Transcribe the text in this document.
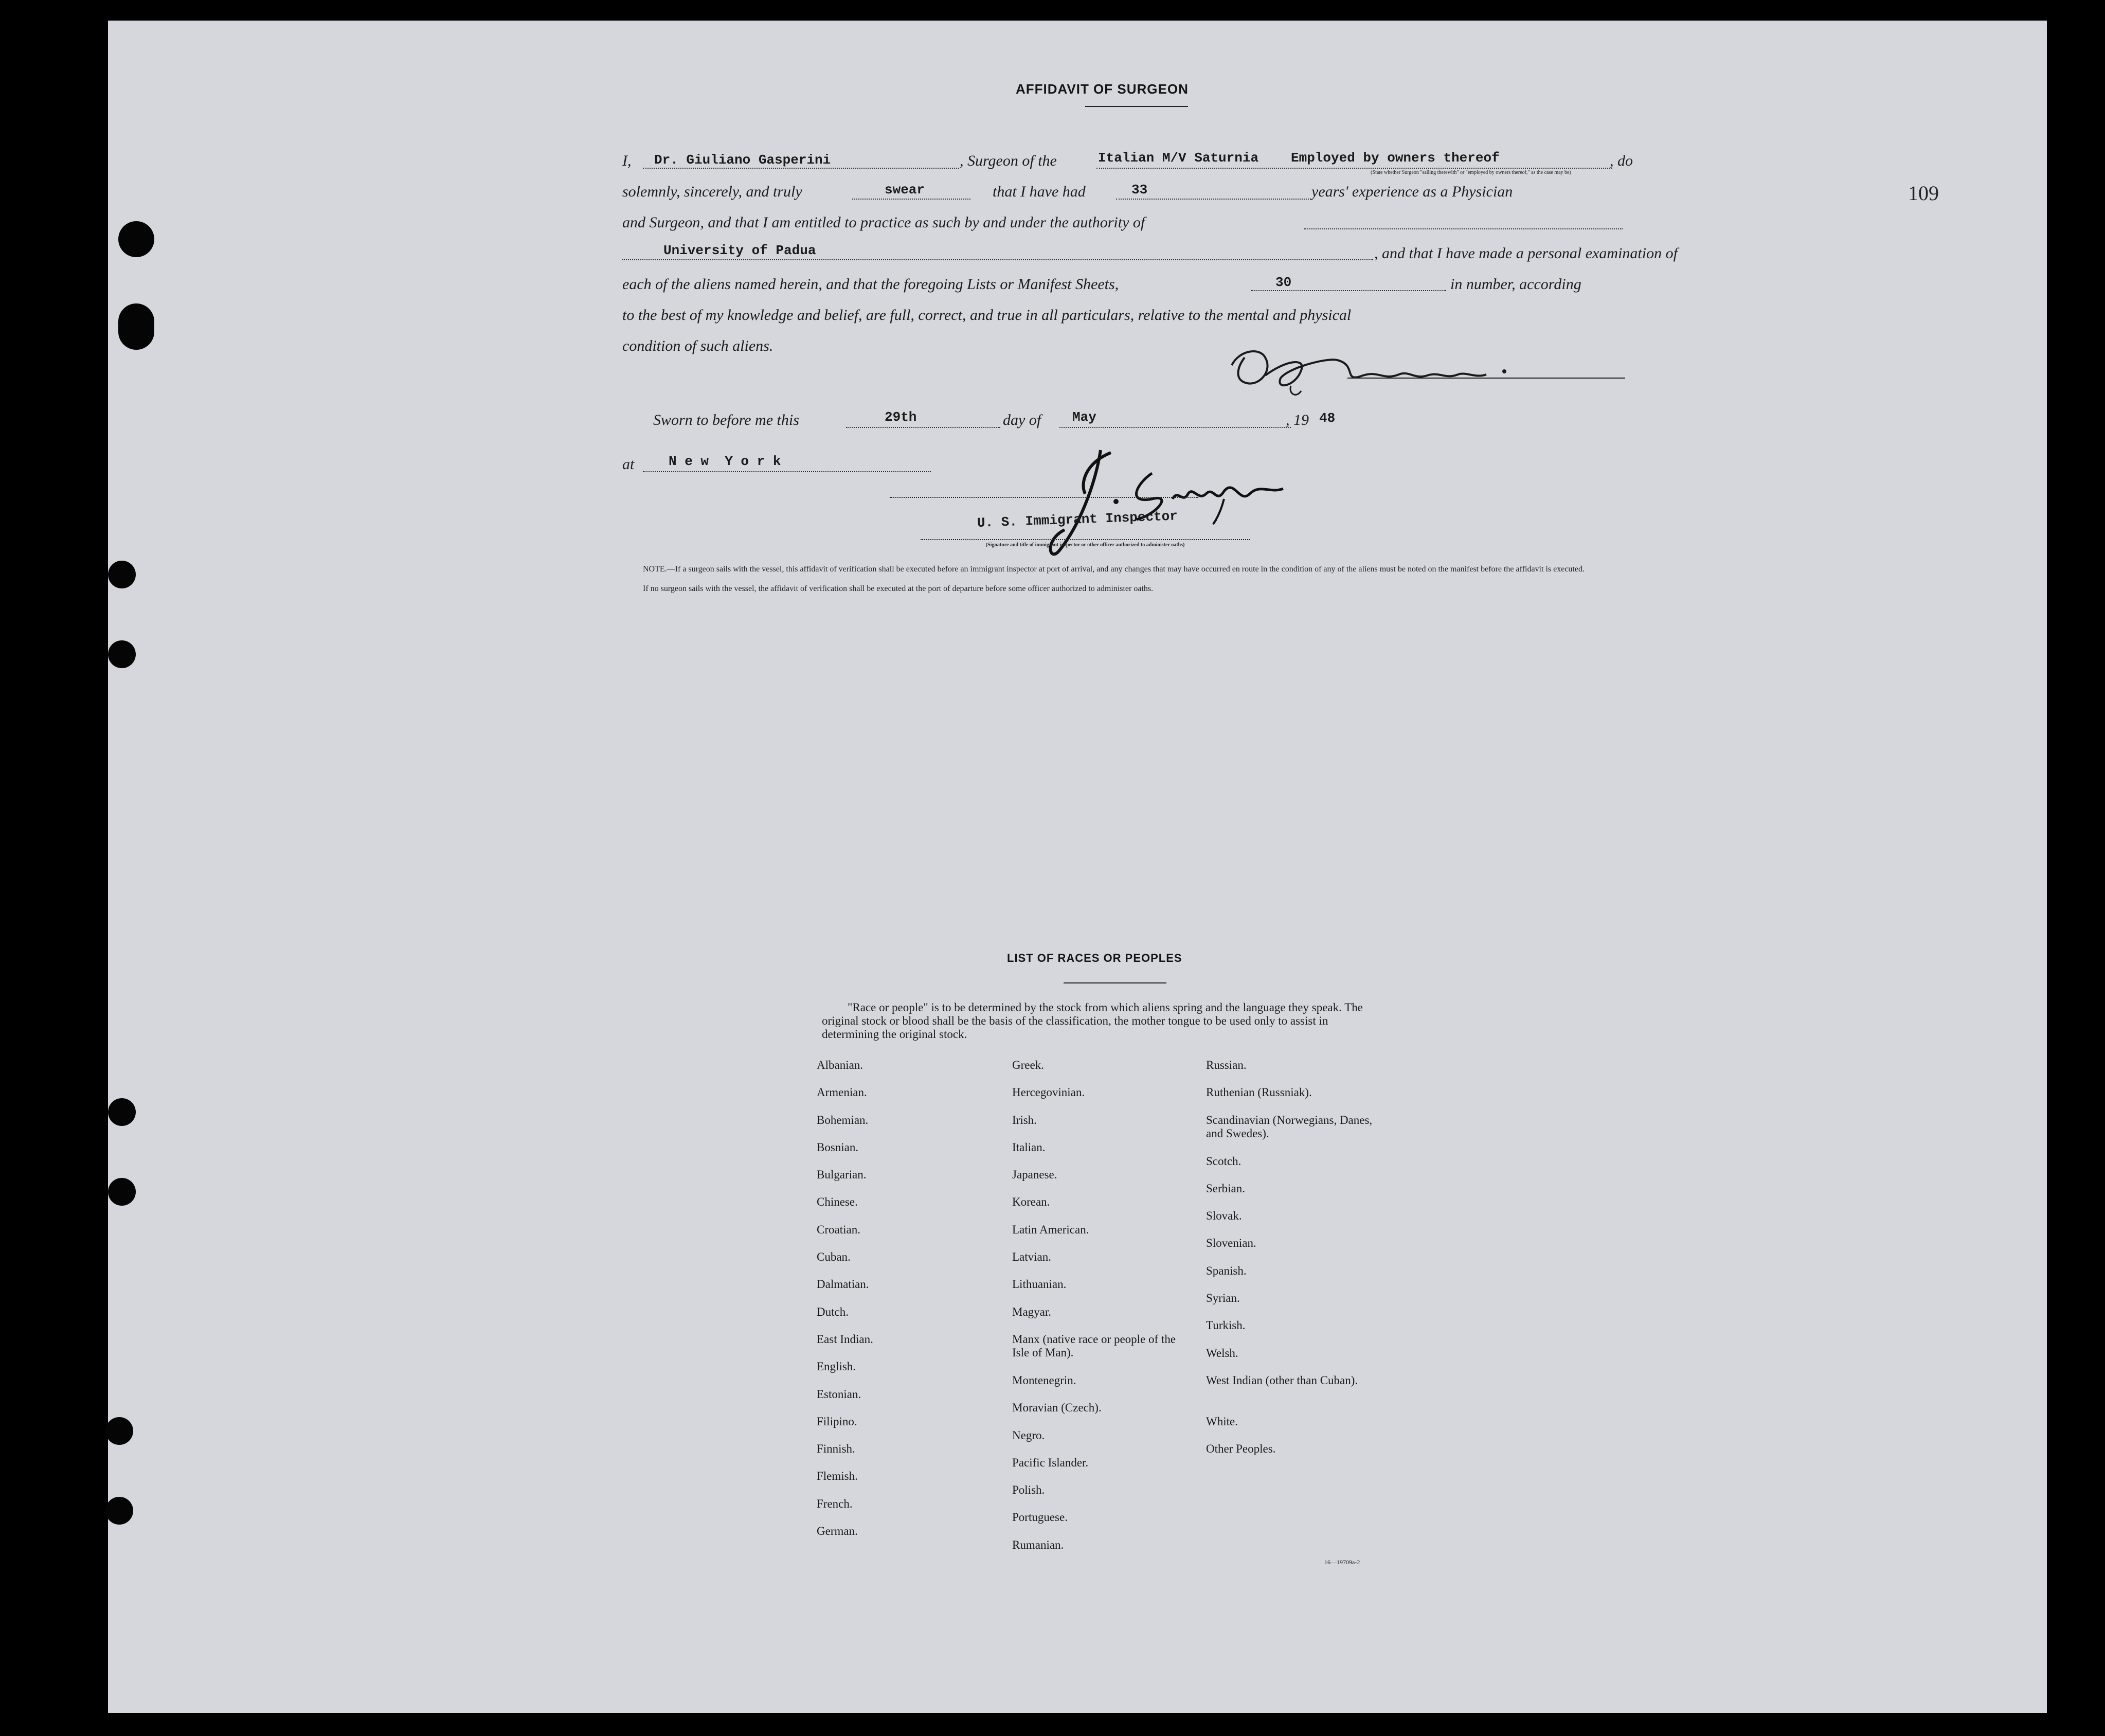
109
AFFIDAVIT OF SURGEON
I, Dr. Giuliano Gasperini	, Surgeon of the	Italian M/V Saturnia Employed by owners thereof	, do
(State whether Surgeon "sailing therewith" or "employed by owners thereof," as the case may be)
solemnly, sincerely, and truly	swear	that I have had	33	years' experience as a Physician
and Surgeon, and that I am entitled to practice as such by and under the authority of
University of Padua	, and that I have made a personal examination of
each of the aliens named herein, and that the foregoing Lists or Manifest Sheets,	30	in number, according
to the best of my knowledge and belief, are full, correct, and true in all particulars, relative to the mental and physical
condition of such aliens.
Sworn to before me this	29th	day of May	, 19 48
at	N e w  Y o r k
U. S. Immigrant Inspector
(Signature and title of immigrant inspector or other officer authorized to administer oaths)
NOTE.—If a surgeon sails with the vessel, this affidavit of verification shall be executed before an immigrant inspector at port of arrival, and any changes that may have occurred en route in the condition of any of the aliens must be noted on the manifest before the affidavit is executed.
If no surgeon sails with the vessel, the affidavit of verification shall be executed at the port of departure before some officer authorized to administer oaths.
LIST OF RACES OR PEOPLES
"Race or people" is to be determined by the stock from which aliens spring and the language they speak. The original stock or blood shall be the basis of the classification, the mother tongue to be used only to assist in determining the original stock.
Albanian.
Armenian.
Bohemian.
Bosnian.
Bulgarian.
Chinese.
Croatian.
Cuban.
Dalmatian.
Dutch.
East Indian.
English.
Estonian.
Filipino.
Finnish.
Flemish.
French.
German.
Greek.
Hercegovinian.
Irish.
Italian.
Japanese.
Korean.
Latin American.
Latvian.
Lithuanian.
Magyar.
Manx (native race or people of the Isle of Man).
Montenegrin.
Moravian (Czech).
Negro.
Pacific Islander.
Polish.
Portuguese.
Rumanian.
Russian.
Ruthenian (Russniak).
Scandinavian (Norwegians, Danes, and Swedes).
Scotch.
Serbian.
Slovak.
Slovenian.
Spanish.
Syrian.
Turkish.
Welsh.
West Indian (other than Cuban).
White.
Other Peoples.
16—19709a-2
